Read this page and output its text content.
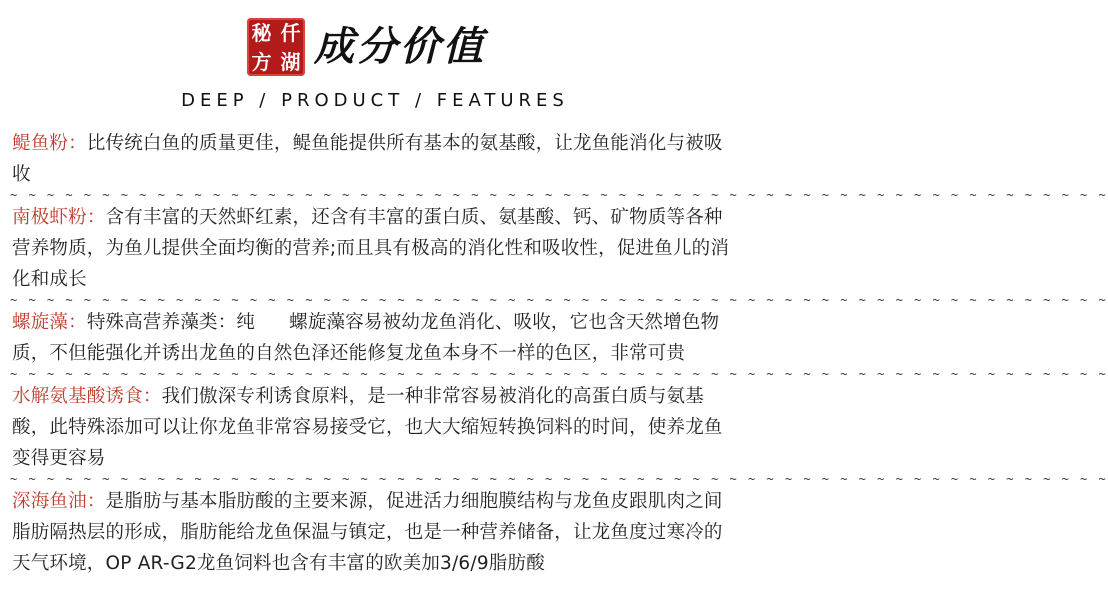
秘 仟
方 湖 成分价值
DEEP / PRODUCT / FEATURES
鳀鱼粉：比传统白鱼的质量更佳，鳀鱼能提供所有基本的氨基酸，让龙鱼能消化与被吸收
~ ~ ~ ~ ~ ~ ~ ~ ~ ~ ~ ~ ~ ~ ~ ~ ~ ~ ~ ~ ~ ~ ~ ~ ~ ~ ~ ~ ~ ~ ~ ~ ~ ~ ~ ~ ~ ~ ~ ~ ~ ~ ~ ~ ~ ~ ~ ~ ~ ~ ~ ~ ~ ~ ~ ~ ~ ~ ~ ~
南极虾粉：含有丰富的天然虾红素，还含有丰富的蛋白质、氨基酸、钙、矿物质等各种营养物质，为鱼儿提供全面均衡的营养;而且具有极高的消化性和吸收性，促进鱼儿的消化和成长
~ ~ ~ ~ ~ ~ ~ ~ ~ ~ ~ ~ ~ ~ ~ ~ ~ ~ ~ ~ ~ ~ ~ ~ ~ ~ ~ ~ ~ ~ ~ ~ ~ ~ ~ ~ ~ ~ ~ ~ ~ ~ ~ ~ ~ ~ ~ ~ ~ ~ ~ ~ ~ ~ ~ ~ ~ ~ ~ ~
螺旋藻：特殊高营养藻类：纯 螺旋藻容易被幼龙鱼消化、吸收，它也含天然增色物质，不但能强化并诱出龙鱼的自然色泽还能修复龙鱼本身不一样的色区，非常可贵
~ ~ ~ ~ ~ ~ ~ ~ ~ ~ ~ ~ ~ ~ ~ ~ ~ ~ ~ ~ ~ ~ ~ ~ ~ ~ ~ ~ ~ ~ ~ ~ ~ ~ ~ ~ ~ ~ ~ ~ ~ ~ ~ ~ ~ ~ ~ ~ ~ ~ ~ ~ ~ ~ ~ ~ ~ ~ ~ ~
水解氨基酸诱食：我们傲深专利诱食原料，是一种非常容易被消化的高蛋白质与氨基酸，此特殊添加可以让你龙鱼非常容易接受它，也大大缩短转换饲料的时间，使养龙鱼变得更容易
~ ~ ~ ~ ~ ~ ~ ~ ~ ~ ~ ~ ~ ~ ~ ~ ~ ~ ~ ~ ~ ~ ~ ~ ~ ~ ~ ~ ~ ~ ~ ~ ~ ~ ~ ~ ~ ~ ~ ~ ~ ~ ~ ~ ~ ~ ~ ~ ~ ~ ~ ~ ~ ~ ~ ~ ~ ~ ~ ~
深海鱼油：是脂肪与基本脂肪酸的主要来源，促进活力细胞膜结构与龙鱼皮跟肌肉之间脂肪隔热层的形成，脂肪能给龙鱼保温与镇定，也是一种营养储备，让龙鱼度过寒冷的天气环境，OP AR-G2龙鱼饲料也含有丰富的欧美加3/6/9脂肪酸
